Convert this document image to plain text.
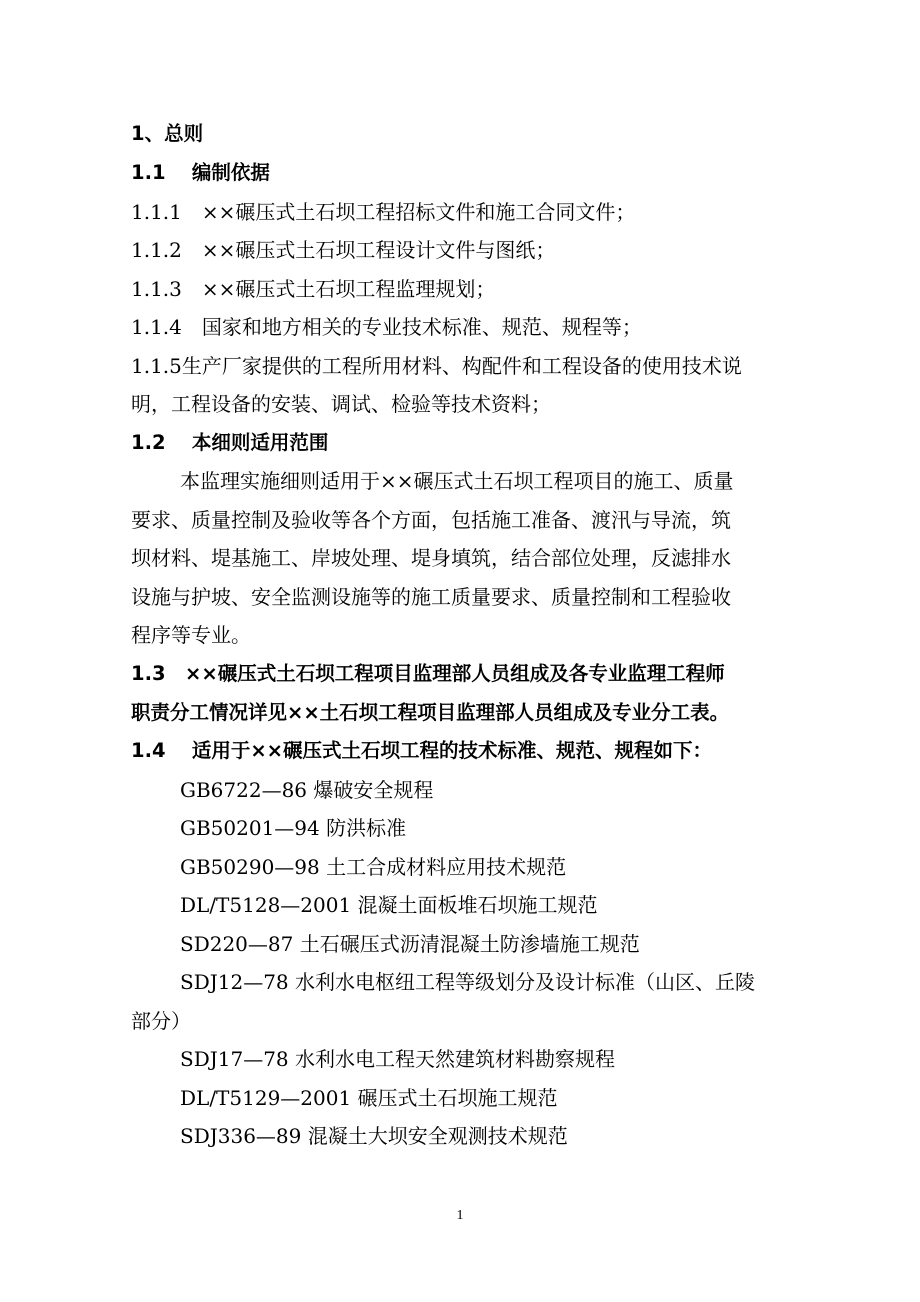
1、总则
1.1　 编制依据
1.1.1　××碾压式土石坝工程招标文件和施工合同文件；
1.1.2　××碾压式土石坝工程设计文件与图纸；
1.1.3　××碾压式土石坝工程监理规划；
1.1.4　国家和地方相关的专业技术标准、规范、规程等；
1.1.5生产厂家提供的工程所用材料、构配件和工程设备的使用技术说
明，工程设备的安装、调试、检验等技术资料；
1.2　 本细则适用范围
本监理实施细则适用于××碾压式土石坝工程项目的施工、质量
要求、质量控制及验收等各个方面，包括施工准备、渡汛与导流，筑
坝材料、堤基施工、岸坡处理、堤身填筑，结合部位处理，反滤排水
设施与护坡、安全监测设施等的施工质量要求、质量控制和工程验收
程序等专业。
1.3　××碾压式土石坝工程项目监理部人员组成及各专业监理工程师
职责分工情况详见××土石坝工程项目监理部人员组成及专业分工表。
1.4　 适用于××碾压式土石坝工程的技术标准、规范、规程如下：
GB6722—86 爆破安全规程
GB50201—94 防洪标准
GB50290—98 土工合成材料应用技术规范
DL/T5128—2001 混凝土面板堆石坝施工规范
SD220—87 土石碾压式沥清混凝土防渗墙施工规范
SDJ12—78 水利水电枢纽工程等级划分及设计标准（山区、丘陵
部分）
SDJ17—78 水利水电工程天然建筑材料勘察规程
DL/T5129—2001 碾压式土石坝施工规范
SDJ336—89 混凝土大坝安全观测技术规范
1
